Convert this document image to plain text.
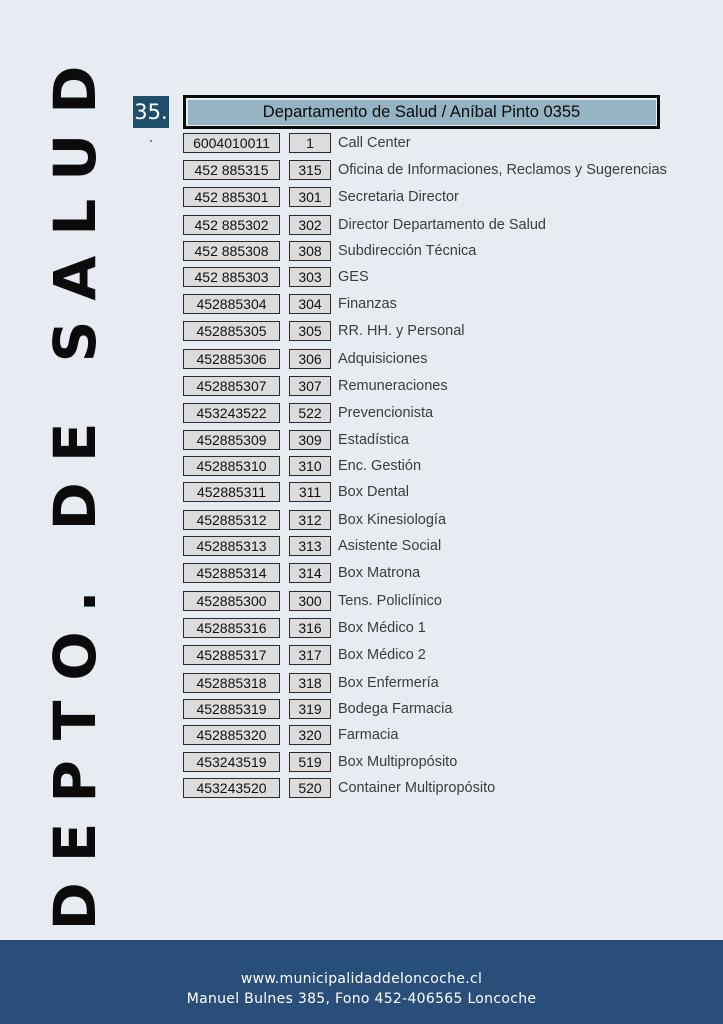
DEPTO. DE SALUD 35.	Departamento de Salud / Aníbal Pinto 0355
6004010011	1	Call Center
452 885315	315	Oficina de Informaciones, Reclamos y Sugerencias
452 885301	301	Secretaria Director
452 885302	302	Director Departamento de Salud
452 885308	308	Subdirección Técnica
452 885303	303	GES
452885304	304	Finanzas
452885305	305	RR. HH. y Personal
452885306	306	Adquisiciones
452885307	307	Remuneraciones
453243522	522	Prevencionista
452885309	309	Estadística
452885310	310	Enc. Gestión
452885311	311	Box Dental
452885312	312	Box Kinesiología
452885313	313	Asistente Social
452885314	314	Box Matrona
452885300	300	Tens. Policlínico
452885316	316	Box Médico 1
452885317	317	Box Médico 2
452885318	318	Box Enfermería
452885319	319	Bodega Farmacia
452885320	320	Farmacia
453243519	519	Box Multipropósito
453243520	520	Container Multipropósito
www.municipalidaddeloncoche.cl
Manuel Bulnes 385, Fono 452-406565 Loncoche
